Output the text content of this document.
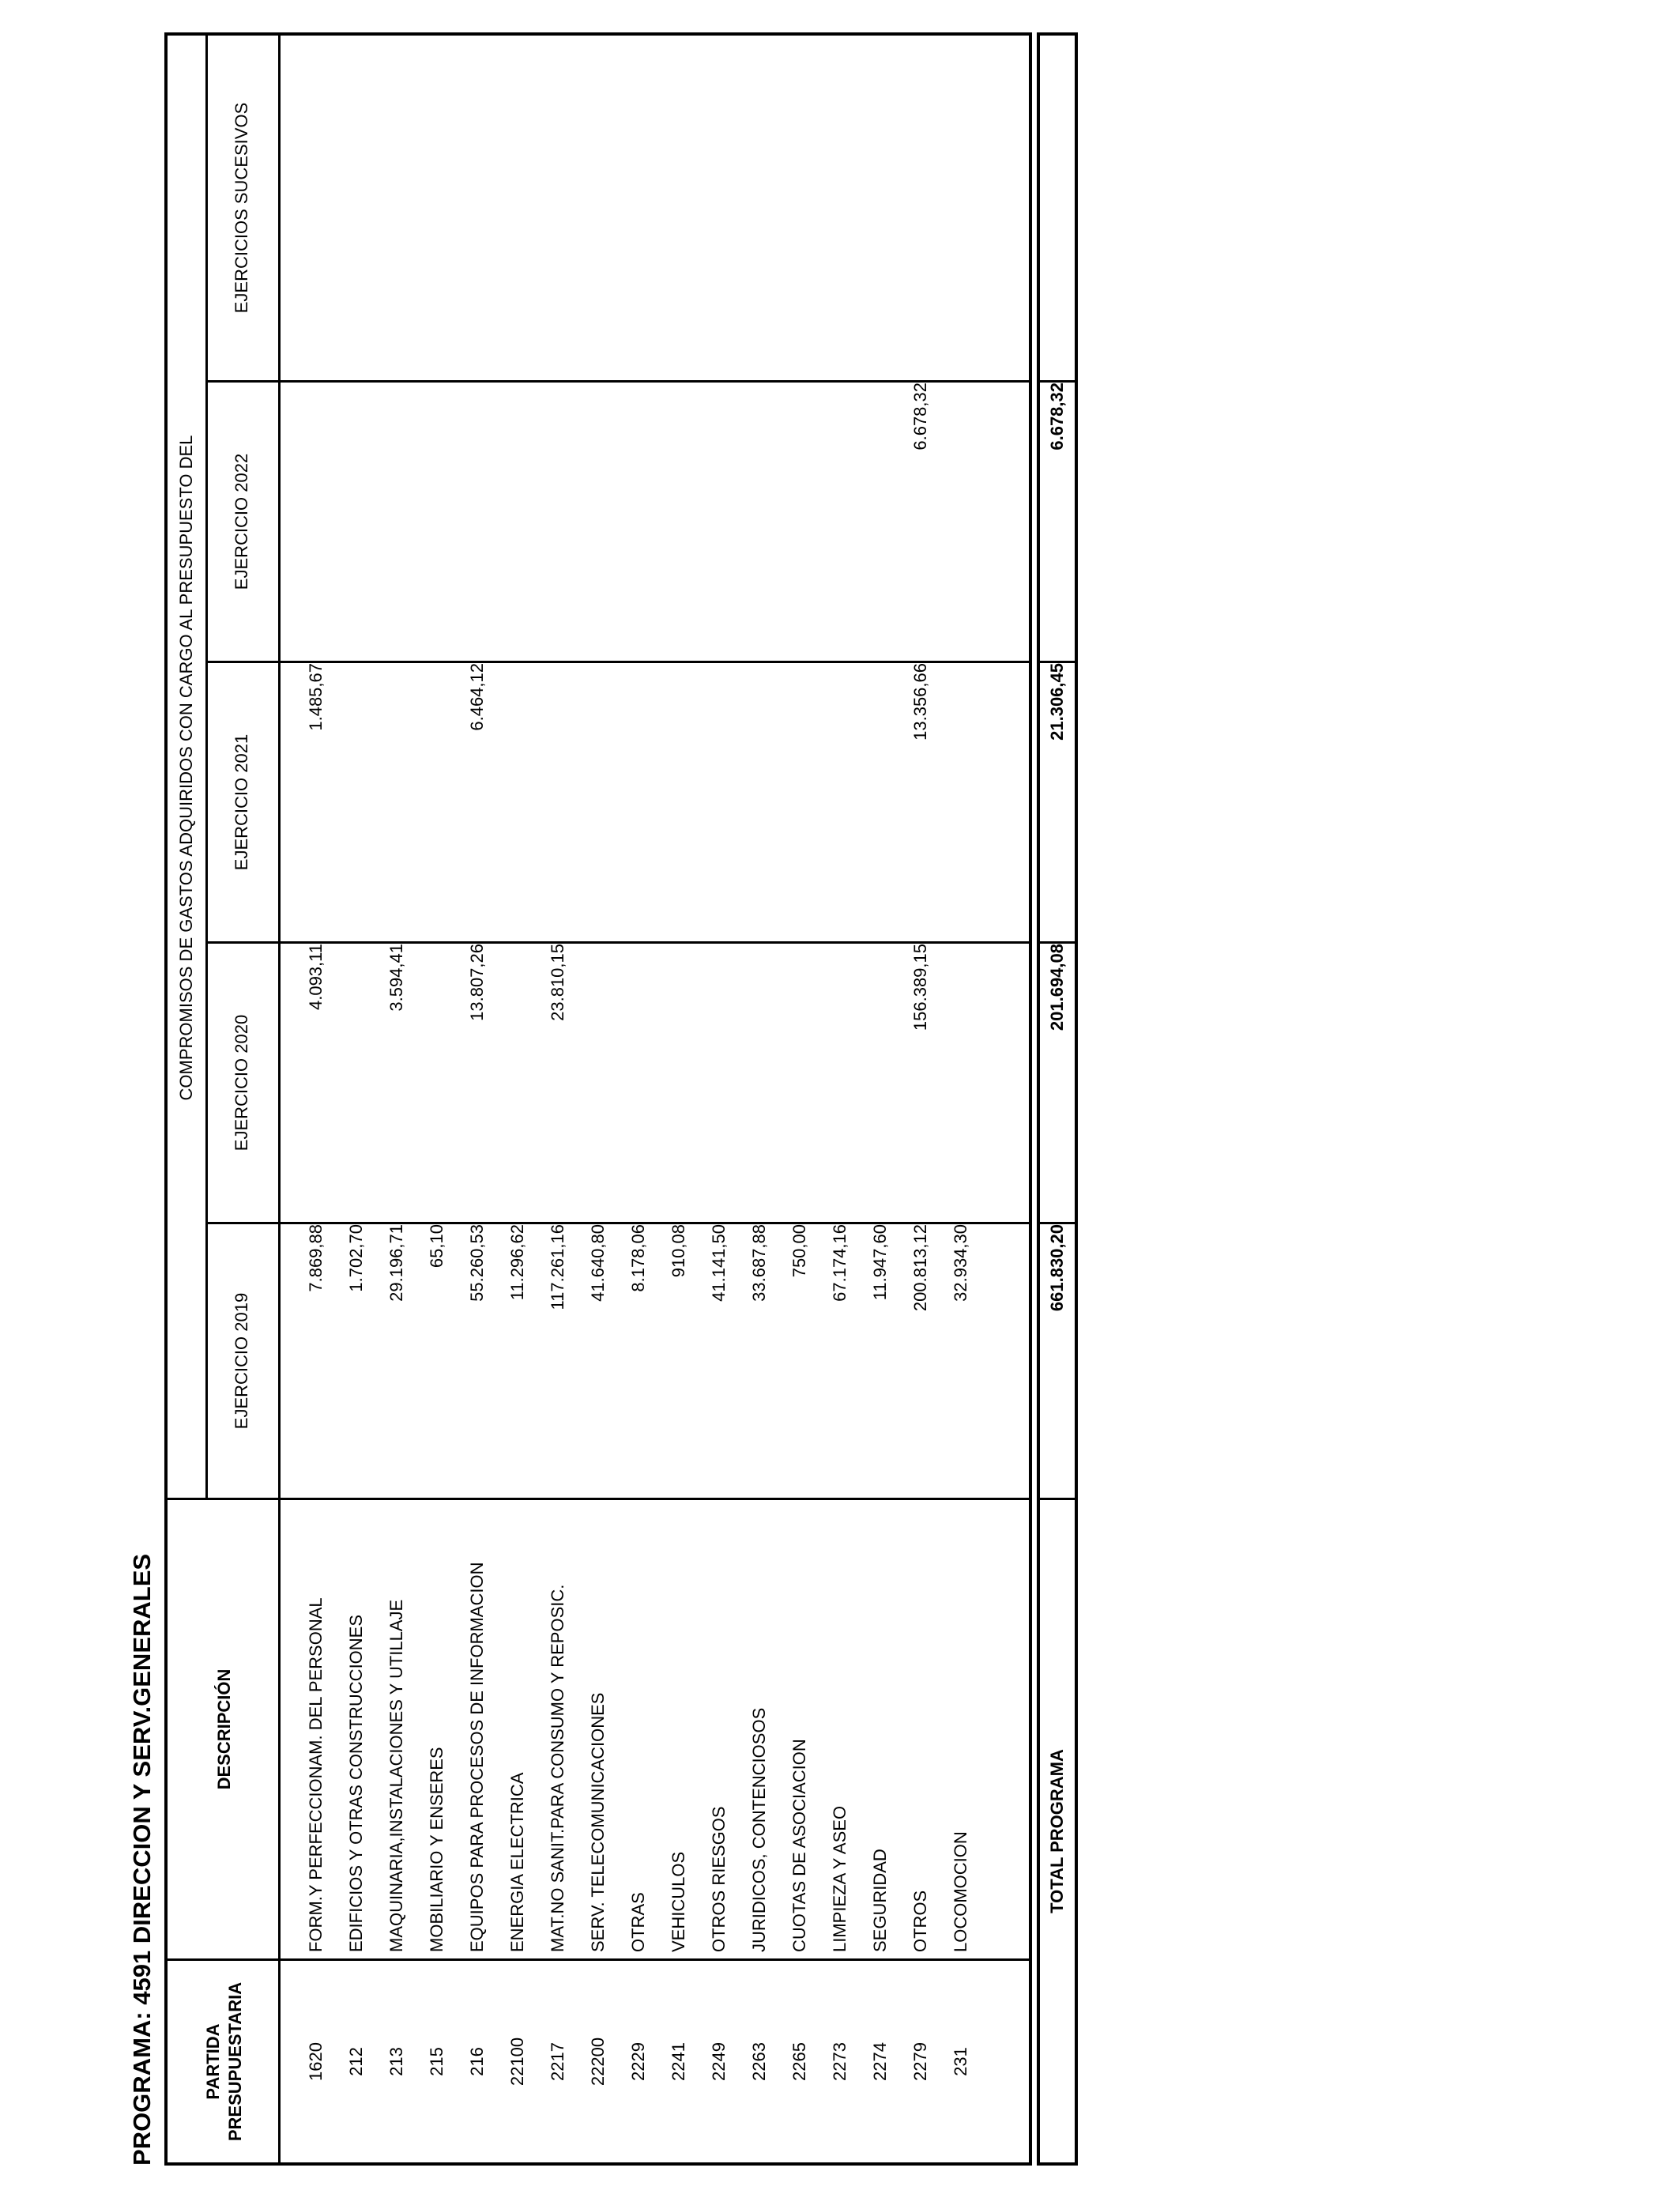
PROGRAMA: 4591 DIRECCION Y SERV.GENERALES	PARTIDA PRESUPUESTARIA
DESCRIPCIÓN
COMPROMISOS DE GASTOS ADQUIRIDOS CON CARGO AL PRESUPUESTO DEL
EJERCICIO 2019
EJERCICIO 2020
EJERCICIO 2021
EJERCICIO 2022
EJERCICIOS SUCESIVOS
1620
FORM.Y PERFECCIONAM. DEL PERSONAL
7.869,88
4.093,11
1.485,67
212
EDIFICIOS Y OTRAS CONSTRUCCIONES
1.702,70
213
MAQUINARIA,INSTALACIONES Y UTILLAJE
29.196,71
3.594,41
215
MOBILIARIO Y ENSERES
65,10
216
EQUIPOS PARA PROCESOS DE INFORMACION
55.260,53
13.807,26
6.464,12
22100
ENERGIA ELECTRICA
11.296,62
2217
MAT.NO SANIT.PARA CONSUMO Y REPOSIC.
117.261,16
23.810,15
22200
SERV. TELECOMUNICACIONES
41.640,80
2229
OTRAS
8.178,06
2241
VEHICULOS
910,08
2249
OTROS RIESGOS
41.141,50
2263
JURIDICOS, CONTENCIOSOS
33.687,88
2265
CUOTAS DE ASOCIACION
750,00
2273
LIMPIEZA Y ASEO
67.174,16
2274
SEGURIDAD
11.947,60
2279
OTROS
200.813,12
156.389,15
13.356,66
6.678,32
231
LOCOMOCION
32.934,30
TOTAL PROGRAMA
661.830,20
201.694,08
21.306,45
6.678,32
